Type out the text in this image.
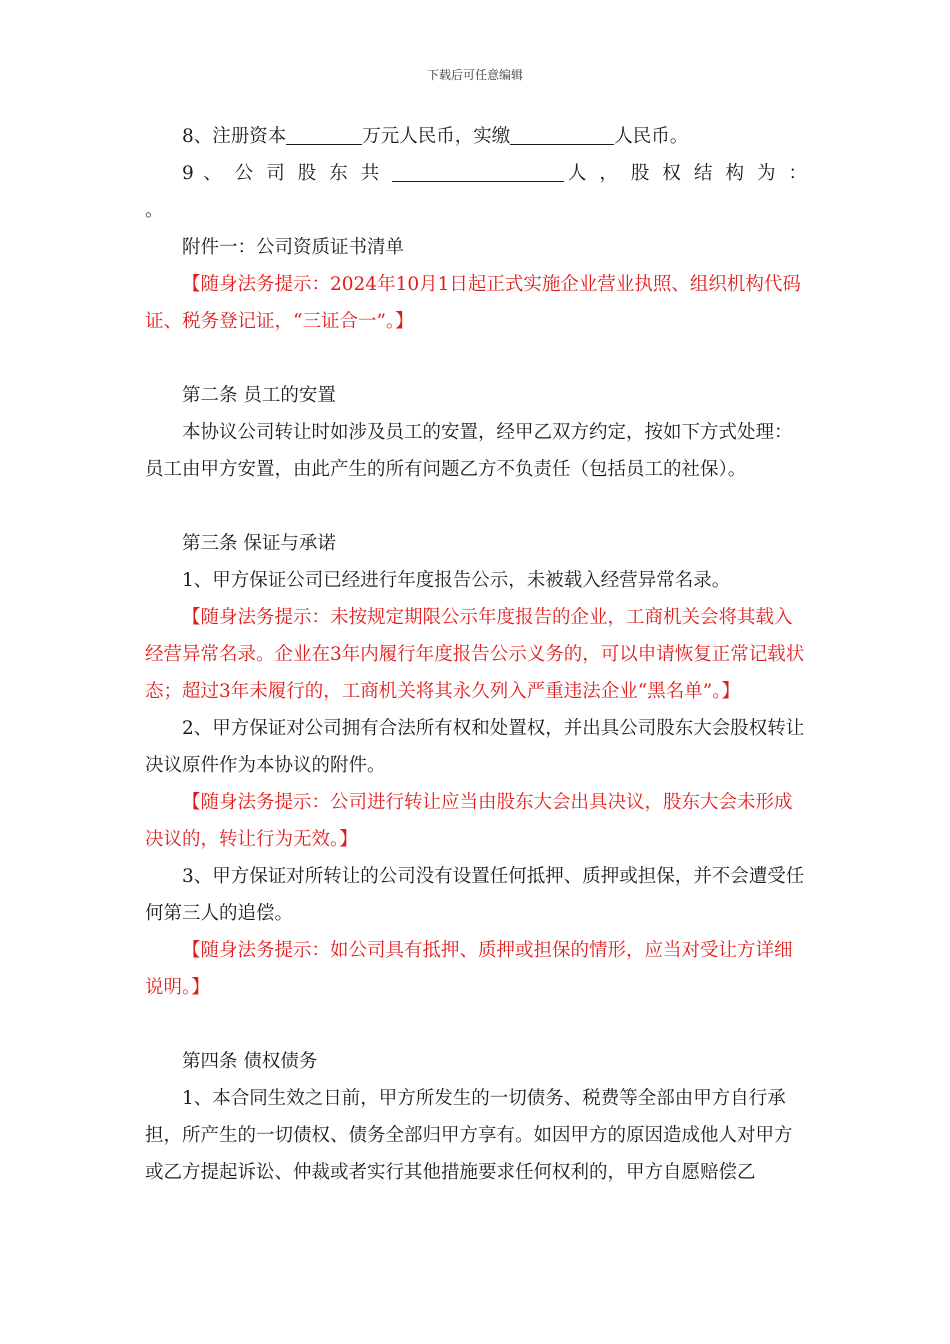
下载后可任意编辑

8、注册资本	万元人民币，实缴	人民币。

9 、 公 司 股 东 共	人 ， 股 权 结 构 为 ：

。

附件一：公司资质证书清单

【随身法务提示：2024年10月1日起正式实施企业营业执照、组织机构代码证、税务登记证，“三证合一”。】

第二条 员工的安置

本协议公司转让时如涉及员工的安置，经甲乙双方约定，按如下方式处理：员工由甲方安置，由此产生的所有问题乙方不负责任（包括员工的社保）。

第三条 保证与承诺

1、甲方保证公司已经进行年度报告公示，未被载入经营异常名录。

【随身法务提示：未按规定期限公示年度报告的企业，工商机关会将其载入经营异常名录。企业在3年内履行年度报告公示义务的，可以申请恢复正常记载状态；超过3年未履行的，工商机关将其永久列入严重违法企业“黑名单”。】

2、甲方保证对公司拥有合法所有权和处置权，并出具公司股东大会股权转让决议原件作为本协议的附件。

【随身法务提示：公司进行转让应当由股东大会出具决议，股东大会未形成决议的，转让行为无效。】

3、甲方保证对所转让的公司没有设置任何抵押、质押或担保，并不会遭受任何第三人的追偿。

【随身法务提示：如公司具有抵押、质押或担保的情形，应当对受让方详细说明。】

第四条 债权债务

1、本合同生效之日前，甲方所发生的一切债务、税费等全部由甲方自行承担，所产生的一切债权、债务全部归甲方享有。如因甲方的原因造成他人对甲方或乙方提起诉讼、仲裁或者实行其他措施要求任何权利的，甲方自愿赔偿乙
